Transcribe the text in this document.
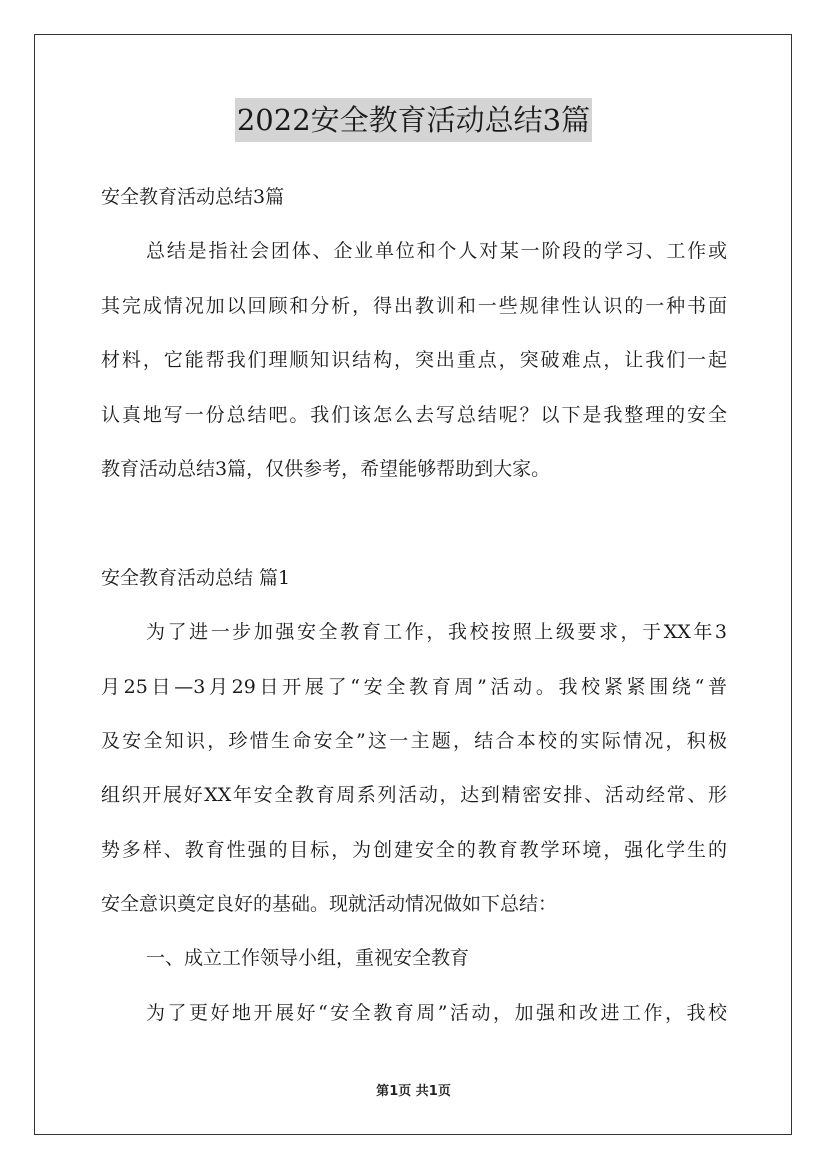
2022安全教育活动总结3篇
安全教育活动总结3篇
总结是指社会团体、企业单位和个人对某一阶段的学习、工作或
其完成情况加以回顾和分析，得出教训和一些规律性认识的一种书面
材料，它能帮我们理顺知识结构，突出重点，突破难点，让我们一起
认真地写一份总结吧。我们该怎么去写总结呢？以下是我整理的安全
教育活动总结3篇，仅供参考，希望能够帮助到大家。
安全教育活动总结 篇1
为了进一步加强安全教育工作，我校按照上级要求，于XX年3
月25日—3月29日开展了“安全教育周”活动。我校紧紧围绕“普
及安全知识，珍惜生命安全”这一主题，结合本校的实际情况，积极
组织开展好XX年安全教育周系列活动，达到精密安排、活动经常、形
势多样、教育性强的目标，为创建安全的教育教学环境，强化学生的
安全意识奠定良好的基础。现就活动情况做如下总结：
一、成立工作领导小组，重视安全教育
为了更好地开展好“安全教育周”活动，加强和改进工作，我校
第1页 共1页
